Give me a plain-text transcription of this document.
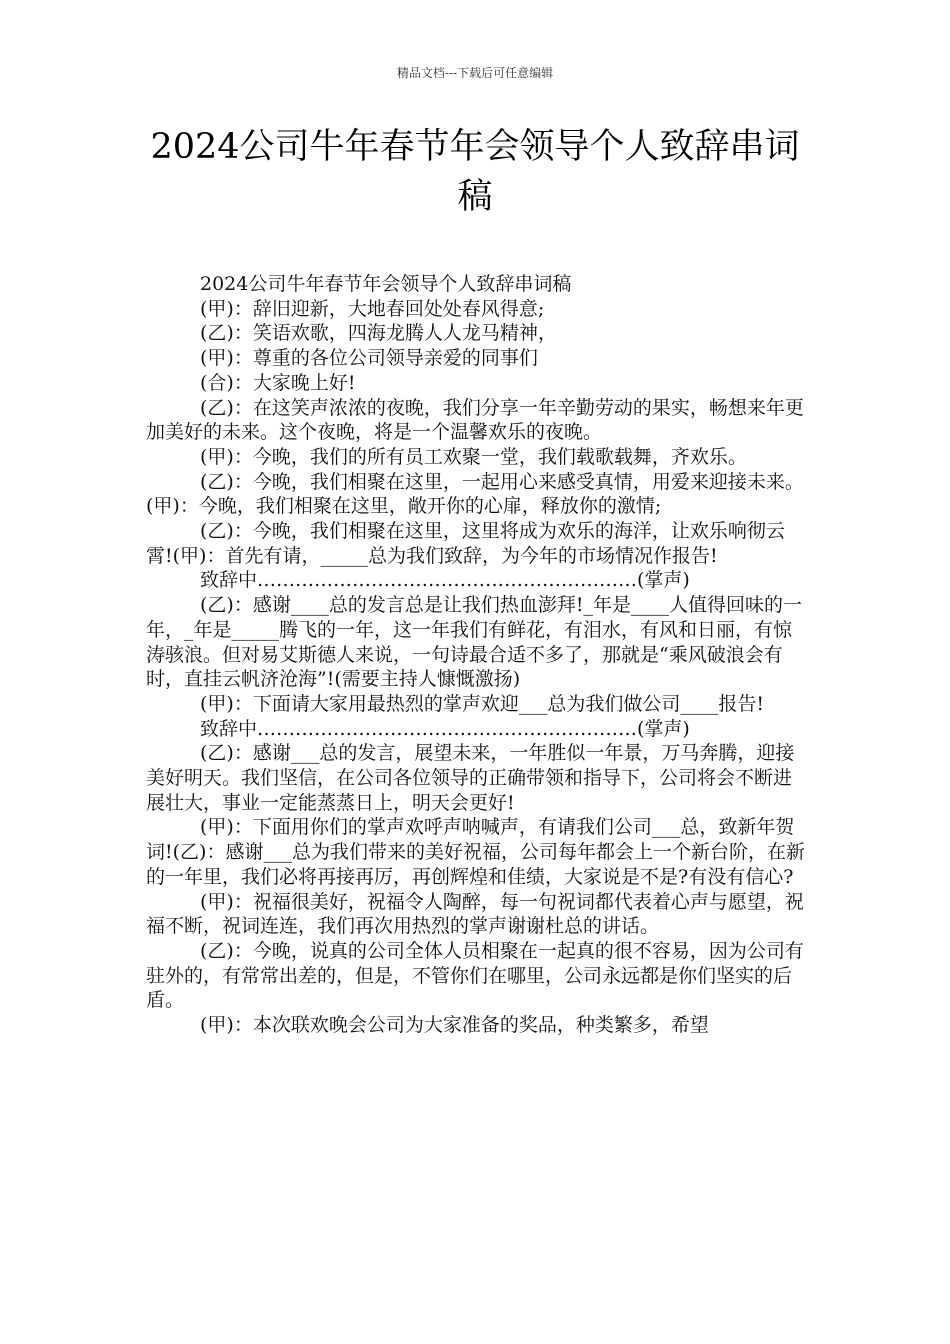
精品文档---下载后可任意编辑
2024公司牛年春节年会领导个人致辞串词稿

2024公司牛年春节年会领导个人致辞串词稿

(甲)：辞旧迎新，大地春回处处春风得意;

(乙)：笑语欢歌，四海龙腾人人龙马精神，

(甲)：尊重的各位公司领导亲爱的同事们

(合)：大家晚上好!

(乙)：在这笑声浓浓的夜晚，我们分享一年辛勤劳动的果实，畅想来年更加美好的未来。这个夜晚，将是一个温馨欢乐的夜晚。

(甲)：今晚，我们的所有员工欢聚一堂，我们载歌载舞，齐欢乐。

(乙)：今晚，我们相聚在这里，一起用心来感受真情，用爱来迎接未来。(甲)：今晚，我们相聚在这里，敞开你的心扉，释放你的激情;

(乙)：今晚，我们相聚在这里，这里将成为欢乐的海洋，让欢乐响彻云霄!(甲)：首先有请，_____总为我们致辞，为今年的市场情况作报告!

致辞中……………………………………………………(掌声)

(乙)：感谢____总的发言总是让我们热血澎拜!_年是____人值得回味的一年，_年是_____腾飞的一年，这一年我们有鲜花，有泪水，有风和日丽，有惊涛骇浪。但对易艾斯德人来说，一句诗最合适不多了，那就是“乘风破浪会有时，直挂云帆济沧海”!(需要主持人慷慨激扬)

(甲)：下面请大家用最热烈的掌声欢迎___总为我们做公司____报告!

致辞中……………………………………………………(掌声)

(乙)：感谢___总的发言，展望未来，一年胜似一年景，万马奔腾，迎接美好明天。我们坚信，在公司各位领导的正确带领和指导下，公司将会不断进展壮大，事业一定能蒸蒸日上，明天会更好!

(甲)：下面用你们的掌声欢呼声呐喊声，有请我们公司___总，致新年贺词!(乙)：感谢___总为我们带来的美好祝福，公司每年都会上一个新台阶，在新的一年里，我们必将再接再厉，再创辉煌和佳绩，大家说是不是?有没有信心?

(甲)：祝福很美好，祝福令人陶醉，每一句祝词都代表着心声与愿望，祝福不断，祝词连连，我们再次用热烈的掌声谢谢杜总的讲话。

(乙)：今晚，说真的公司全体人员相聚在一起真的很不容易，因为公司有驻外的，有常常出差的，但是，不管你们在哪里，公司永远都是你们坚实的后盾。

(甲)：本次联欢晚会公司为大家准备的奖品，种类繁多，希望
